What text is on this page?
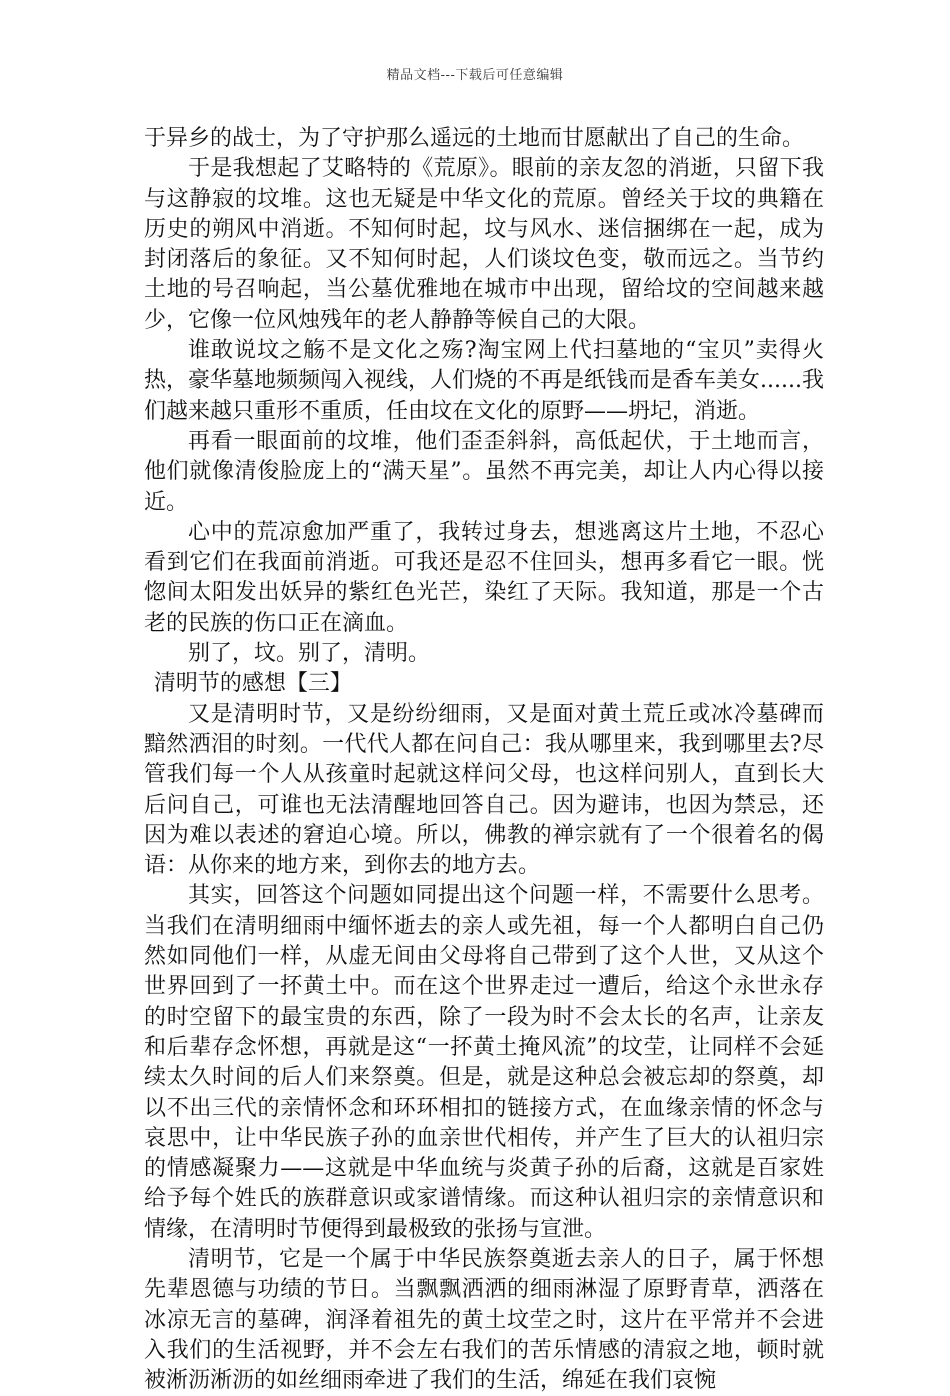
精品文档---下载后可任意编辑

于异乡的战士，为了守护那么遥远的土地而甘愿献出了自己的生命。

于是我想起了艾略特的《荒原》。眼前的亲友忽的消逝，只留下我与这静寂的坟堆。这也无疑是中华文化的荒原。曾经关于坟的典籍在历史的朔风中消逝。不知何时起，坟与风水、迷信捆绑在一起，成为封闭落后的象征。又不知何时起，人们谈坟色变，敬而远之。当节约土地的号召响起，当公墓优雅地在城市中出现，留给坟的空间越来越少，它像一位风烛残年的老人静静等候自己的大限。

谁敢说坟之觞不是文化之殇?淘宝网上代扫墓地的“宝贝”卖得火热，豪华墓地频频闯入视线，人们烧的不再是纸钱而是香车美女......我们越来越只重形不重质，任由坟在文化的原野——坍圮，消逝。

再看一眼面前的坟堆，他们歪歪斜斜，高低起伏，于土地而言，他们就像清俊脸庞上的“满天星”。虽然不再完美，却让人内心得以接近。

心中的荒凉愈加严重了，我转过身去，想逃离这片土地，不忍心看到它们在我面前消逝。可我还是忍不住回头，想再多看它一眼。恍惚间太阳发出妖异的紫红色光芒，染红了天际。我知道，那是一个古老的民族的伤口正在滴血。

别了，坟。别了，清明。

清明节的感想【三】

又是清明时节，又是纷纷细雨，又是面对黄土荒丘或冰冷墓碑而黯然洒泪的时刻。一代代人都在问自己：我从哪里来，我到哪里去?尽管我们每一个人从孩童时起就这样问父母，也这样问别人，直到长大后问自己，可谁也无法清醒地回答自己。因为避讳，也因为禁忌，还因为难以表述的窘迫心境。所以，佛教的禅宗就有了一个很着名的偈语：从你来的地方来，到你去的地方去。

其实，回答这个问题如同提出这个问题一样，不需要什么思考。当我们在清明细雨中缅怀逝去的亲人或先祖，每一个人都明白自己仍然如同他们一样，从虚无间由父母将自己带到了这个人世，又从这个世界回到了一抔黄土中。而在这个世界走过一遭后，给这个永世永存的时空留下的最宝贵的东西，除了一段为时不会太长的名声，让亲友和后辈存念怀想，再就是这“一抔黄土掩风流”的坟茔，让同样不会延续太久时间的后人们来祭奠。但是，就是这种总会被忘却的祭奠，却以不出三代的亲情怀念和环环相扣的链接方式，在血缘亲情的怀念与哀思中，让中华民族子孙的血亲世代相传，并产生了巨大的认祖归宗的情感凝聚力——这就是中华血统与炎黄子孙的后裔，这就是百家姓给予每个姓氏的族群意识或家谱情缘。而这种认祖归宗的亲情意识和情缘，在清明时节便得到最极致的张扬与宣泄。

清明节，它是一个属于中华民族祭奠逝去亲人的日子，属于怀想先辈恩德与功绩的节日。当飘飘洒洒的细雨淋湿了原野青草，洒落在冰凉无言的墓碑，润泽着祖先的黄土坟茔之时，这片在平常并不会进入我们的生活视野，并不会左右我们的苦乐情感的清寂之地，顿时就被淅沥淅沥的如丝细雨牵进了我们的生活，绵延在我们哀惋
